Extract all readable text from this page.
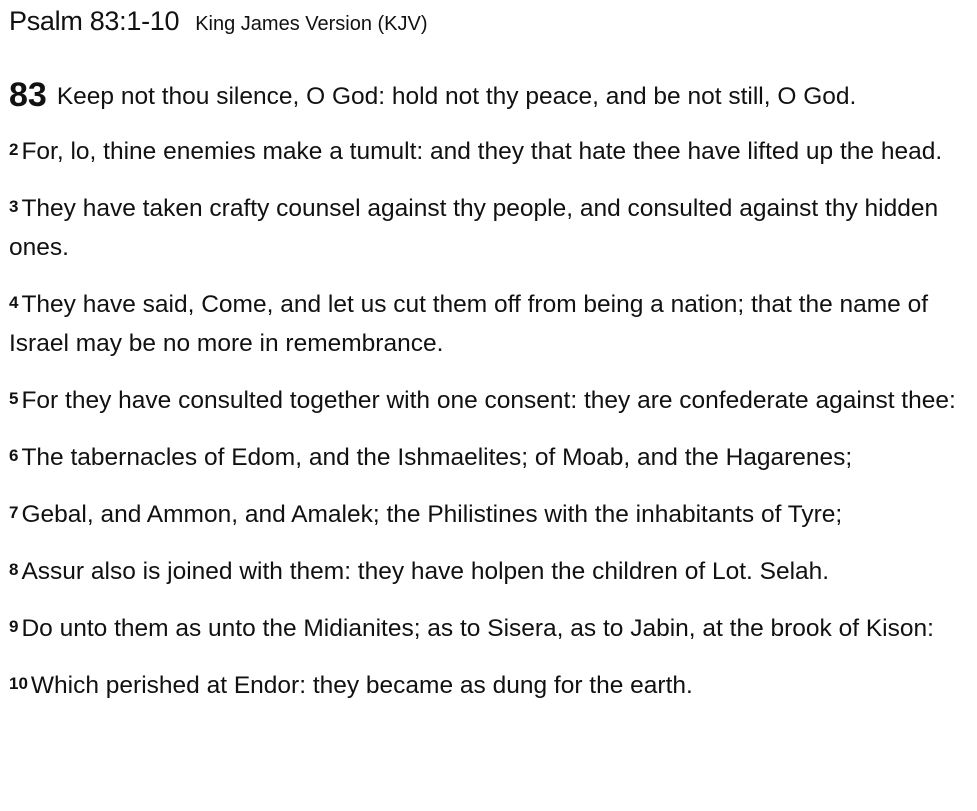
Psalm 83:1-10 King James Version (KJV)

83 Keep not thou silence, O God: hold not thy peace, and be not still, O God.

2 For, lo, thine enemies make a tumult: and they that hate thee have lifted up the head.

3 They have taken crafty counsel against thy people, and consulted against thy hidden ones.

4 They have said, Come, and let us cut them off from being a nation; that the name of Israel may be no more in remembrance.

5 For they have consulted together with one consent: they are confederate against thee:

6 The tabernacles of Edom, and the Ishmaelites; of Moab, and the Hagarenes;

7 Gebal, and Ammon, and Amalek; the Philistines with the inhabitants of Tyre;

8 Assur also is joined with them: they have holpen the children of Lot. Selah.

9 Do unto them as unto the Midianites; as to Sisera, as to Jabin, at the brook of Kison:

10 Which perished at Endor: they became as dung for the earth.
